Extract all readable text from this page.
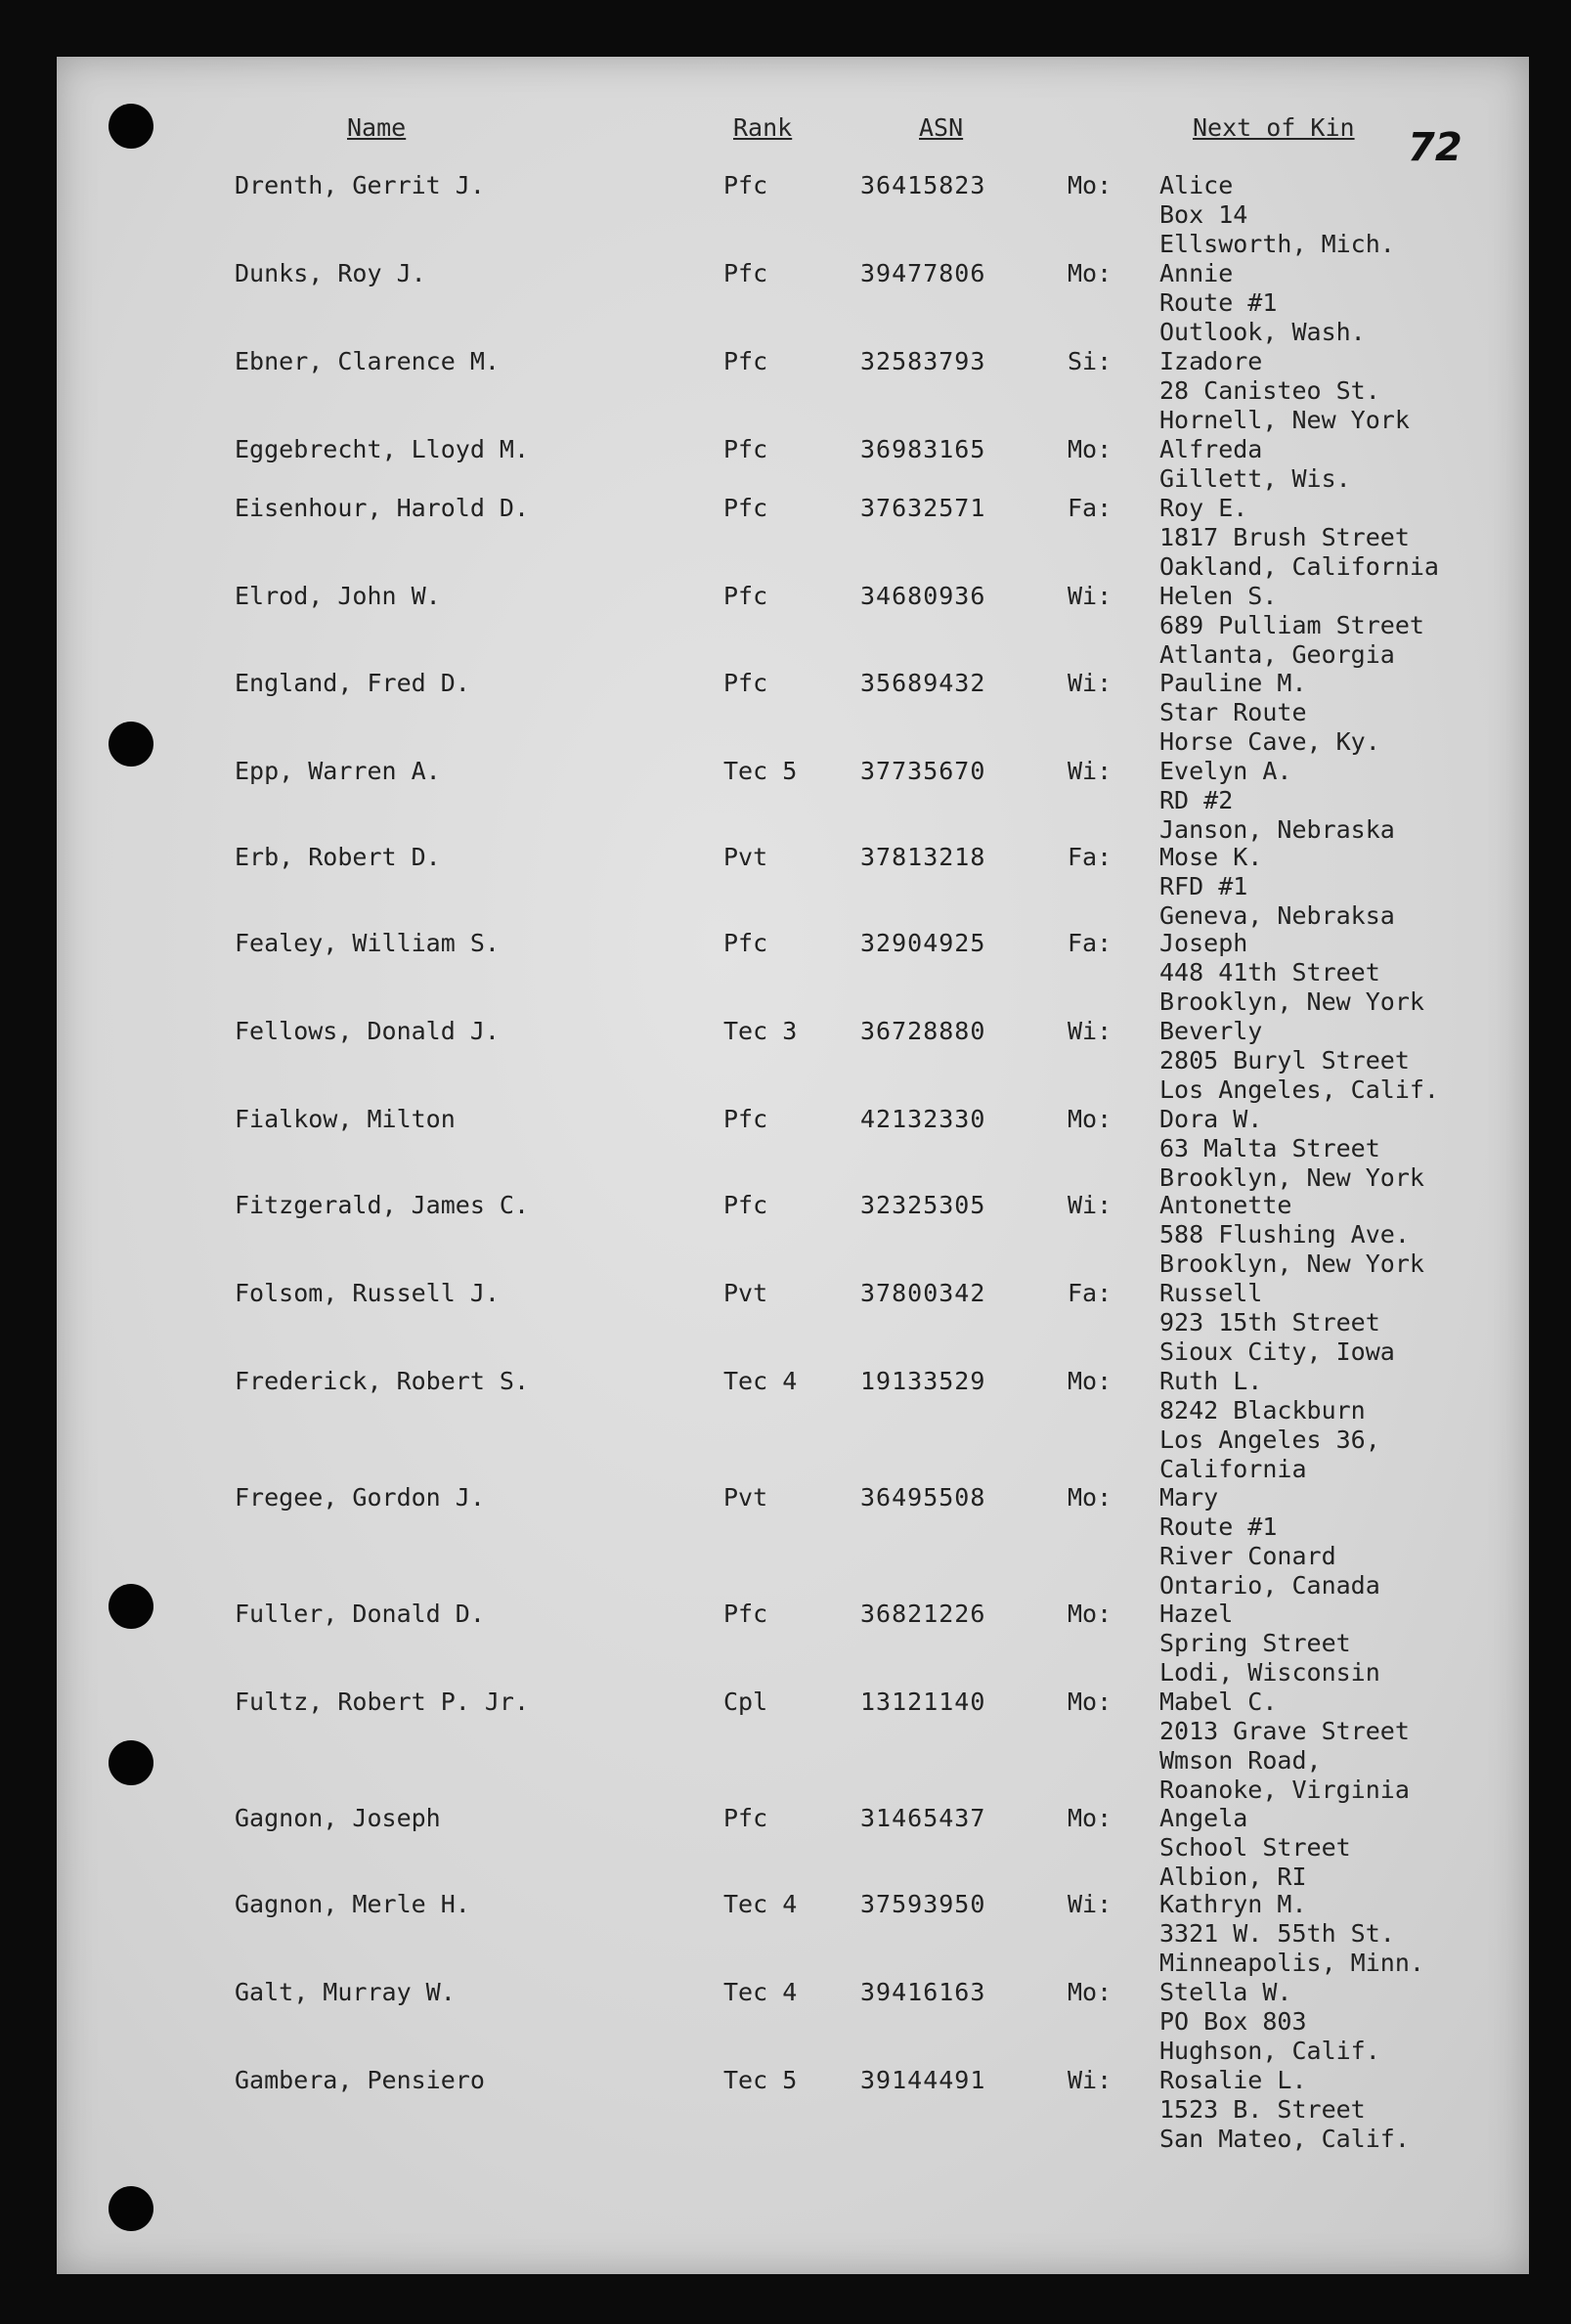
72
Name	Rank	ASN	Next of Kin
Drenth, Gerrit J.	Pfc	36415823	Mo: Alice
Box 14
Ellsworth, Mich.
Dunks, Roy J.	Pfc	39477806	Mo: Annie
Route #1
Outlook, Wash.
Ebner, Clarence M.	Pfc	32583793	Si: Izadore
28 Canisteo St.
Hornell, New York
Eggebrecht, Lloyd M.	Pfc	36983165	Mo: Alfreda
Gillett, Wis.
Eisenhour, Harold D.	Pfc	37632571	Fa: Roy E.
1817 Brush Street
Oakland, California
Elrod, John W.	Pfc	34680936	Wi: Helen S.
689 Pulliam Street
Atlanta, Georgia
England, Fred D.	Pfc	35689432	Wi: Pauline M.
Star Route
Horse Cave, Ky.
Epp, Warren A.	Tec 5	37735670	Wi: Evelyn A.
RD #2
Janson, Nebraska
Erb, Robert D.	Pvt	37813218	Fa: Mose K.
RFD #1
Geneva, Nebraksa
Fealey, William S.	Pfc	32904925	Fa: Joseph
448 41th Street
Brooklyn, New York
Fellows, Donald J.	Tec 3	36728880	Wi: Beverly
2805 Buryl Street
Los Angeles, Calif.
Fialkow, Milton	Pfc	42132330	Mo: Dora W.
63 Malta Street
Brooklyn, New York
Fitzgerald, James C.	Pfc	32325305	Wi: Antonette
588 Flushing Ave.
Brooklyn, New York
Folsom, Russell J.	Pvt	37800342	Fa: Russell
923 15th Street
Sioux City, Iowa
Frederick, Robert S.	Tec 4	19133529	Mo: Ruth L.
8242 Blackburn
Los Angeles 36,
California
Fregee, Gordon J.	Pvt	36495508	Mo: Mary
Route #1
River Conard
Ontario, Canada
Fuller, Donald D.	Pfc	36821226	Mo: Hazel
Spring Street
Lodi, Wisconsin
Fultz, Robert P. Jr.	Cpl	13121140	Mo: Mabel C.
2013 Grave Street
Wmson Road,
Roanoke, Virginia
Gagnon, Joseph	Pfc	31465437	Mo: Angela
School Street
Albion, RI
Gagnon, Merle H.	Tec 4	37593950	Wi: Kathryn M.
3321 W. 55th St.
Minneapolis, Minn.
Galt, Murray W.	Tec 4	39416163	Mo: Stella W.
PO Box 803
Hughson, Calif.
Gambera, Pensiero	Tec 5	39144491	Wi: Rosalie L.
1523 B. Street
San Mateo, Calif.
